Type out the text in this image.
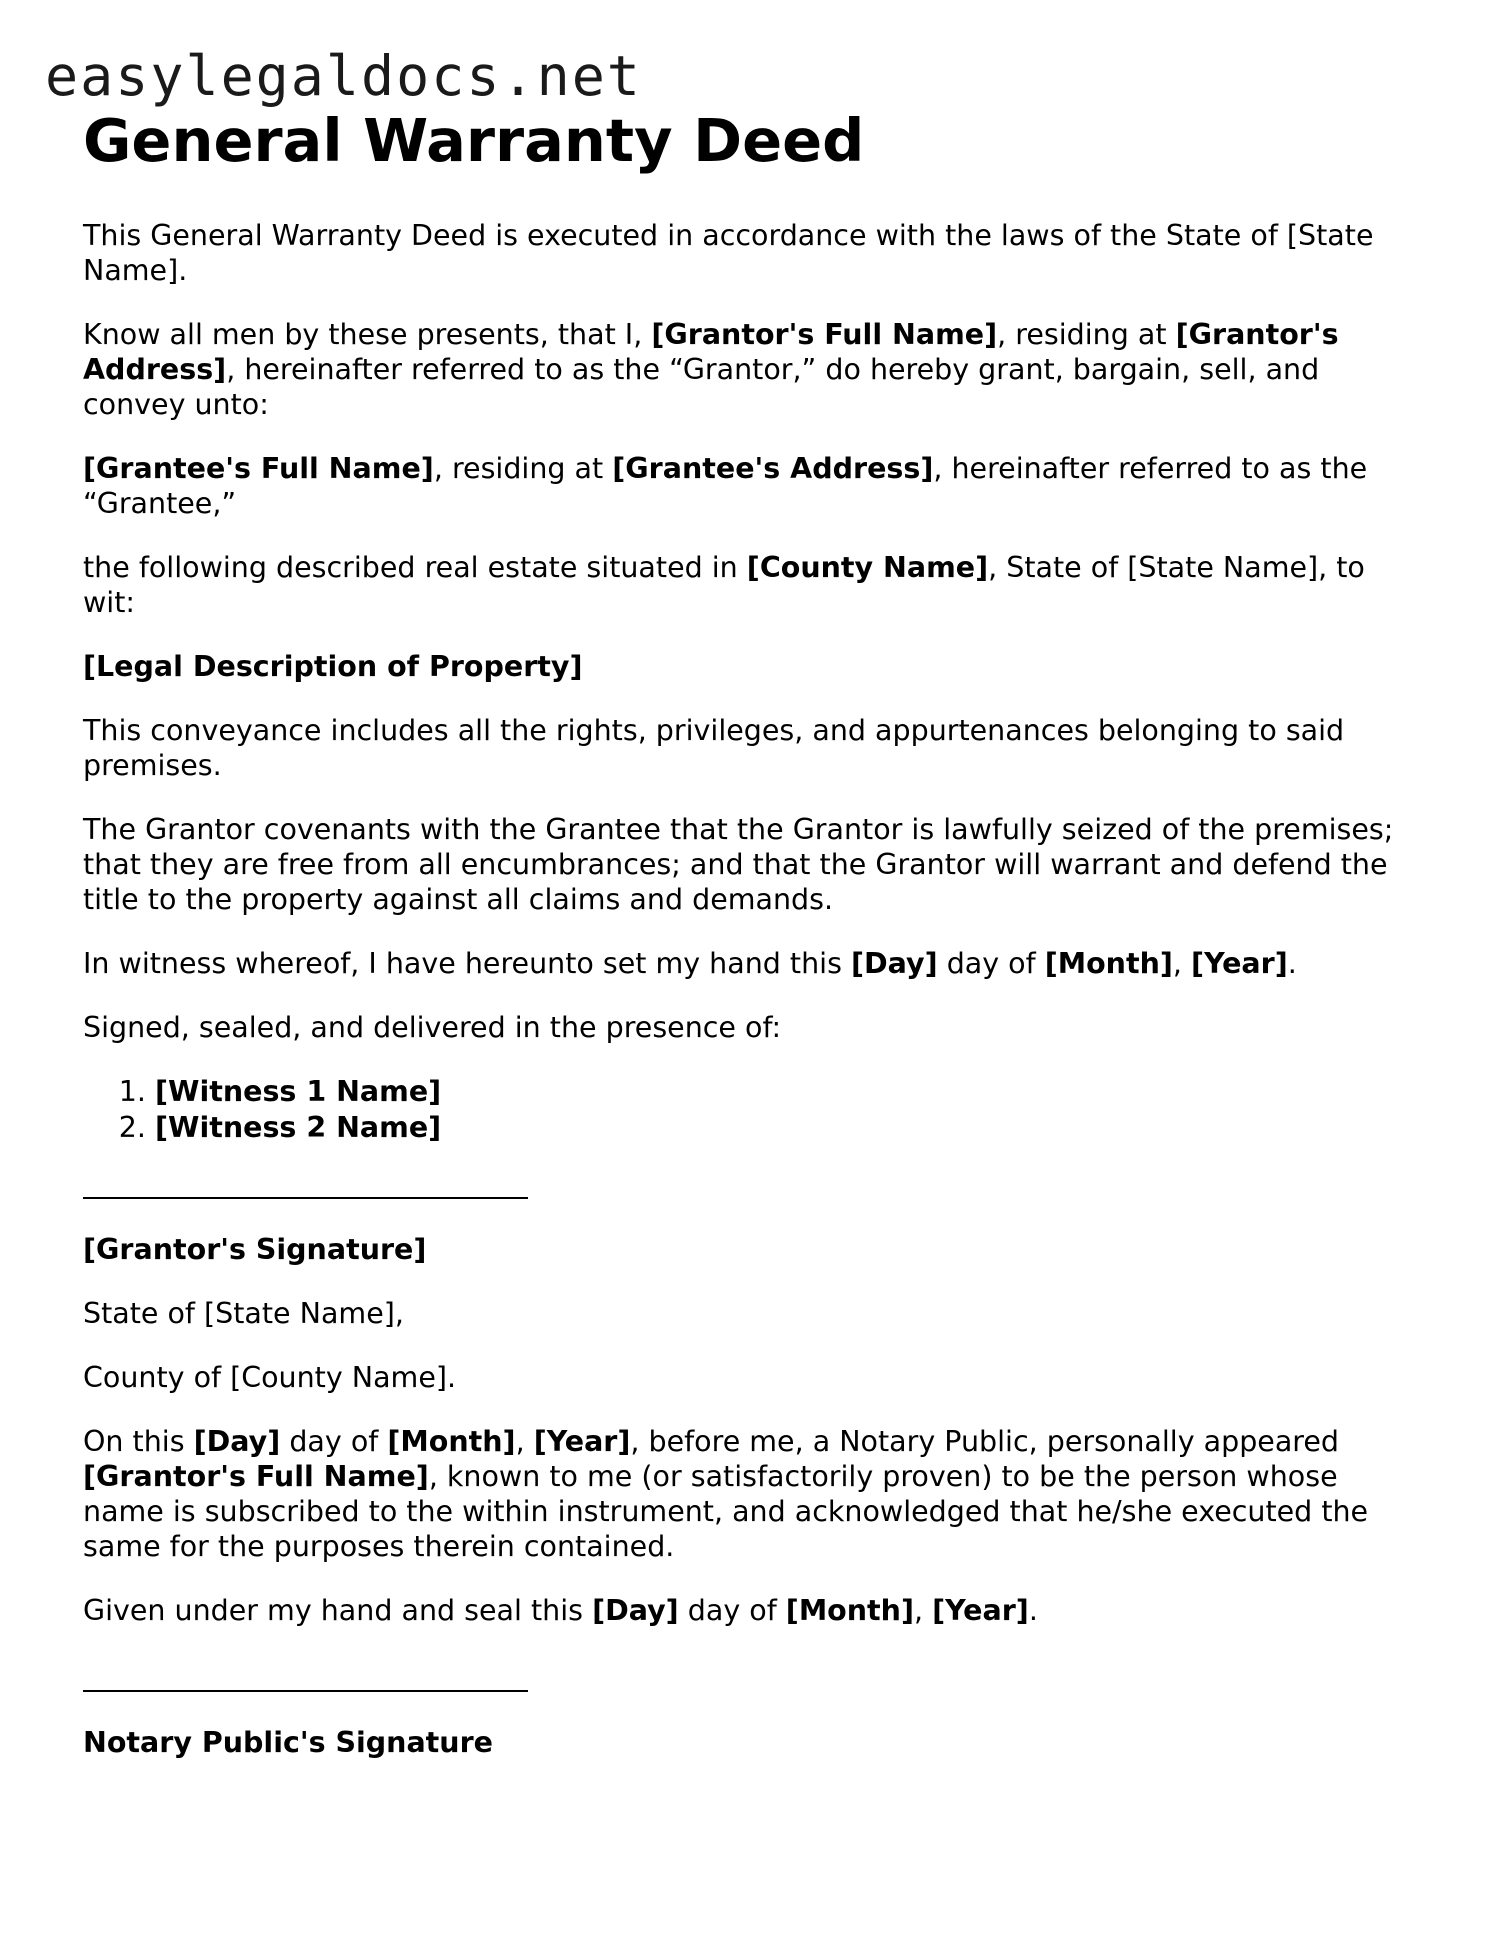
easylegaldocs.net
General Warranty Deed

This General Warranty Deed is executed in accordance with the laws of the State of [State Name].

Know all men by these presents, that I, [Grantor's Full Name], residing at [Grantor's Address], hereinafter referred to as the “Grantor,” do hereby grant, bargain, sell, and convey unto:

[Grantee's Full Name], residing at [Grantee's Address], hereinafter referred to as the “Grantee,”

the following described real estate situated in [County Name], State of [State Name], to wit:

[Legal Description of Property]

This conveyance includes all the rights, privileges, and appurtenances belonging to said premises.

The Grantor covenants with the Grantee that the Grantor is lawfully seized of the premises; that they are free from all encumbrances; and that the Grantor will warrant and defend the title to the property against all claims and demands.

In witness whereof, I have hereunto set my hand this [Day] day of [Month], [Year].

Signed, sealed, and delivered in the presence of:

1. [Witness 1 Name]
2. [Witness 2 Name]

[Grantor's Signature]

State of [State Name],

County of [County Name].

On this [Day] day of [Month], [Year], before me, a Notary Public, personally appeared [Grantor's Full Name], known to me (or satisfactorily proven) to be the person whose name is subscribed to the within instrument, and acknowledged that he/she executed the same for the purposes therein contained.

Given under my hand and seal this [Day] day of [Month], [Year].

Notary Public's Signature
